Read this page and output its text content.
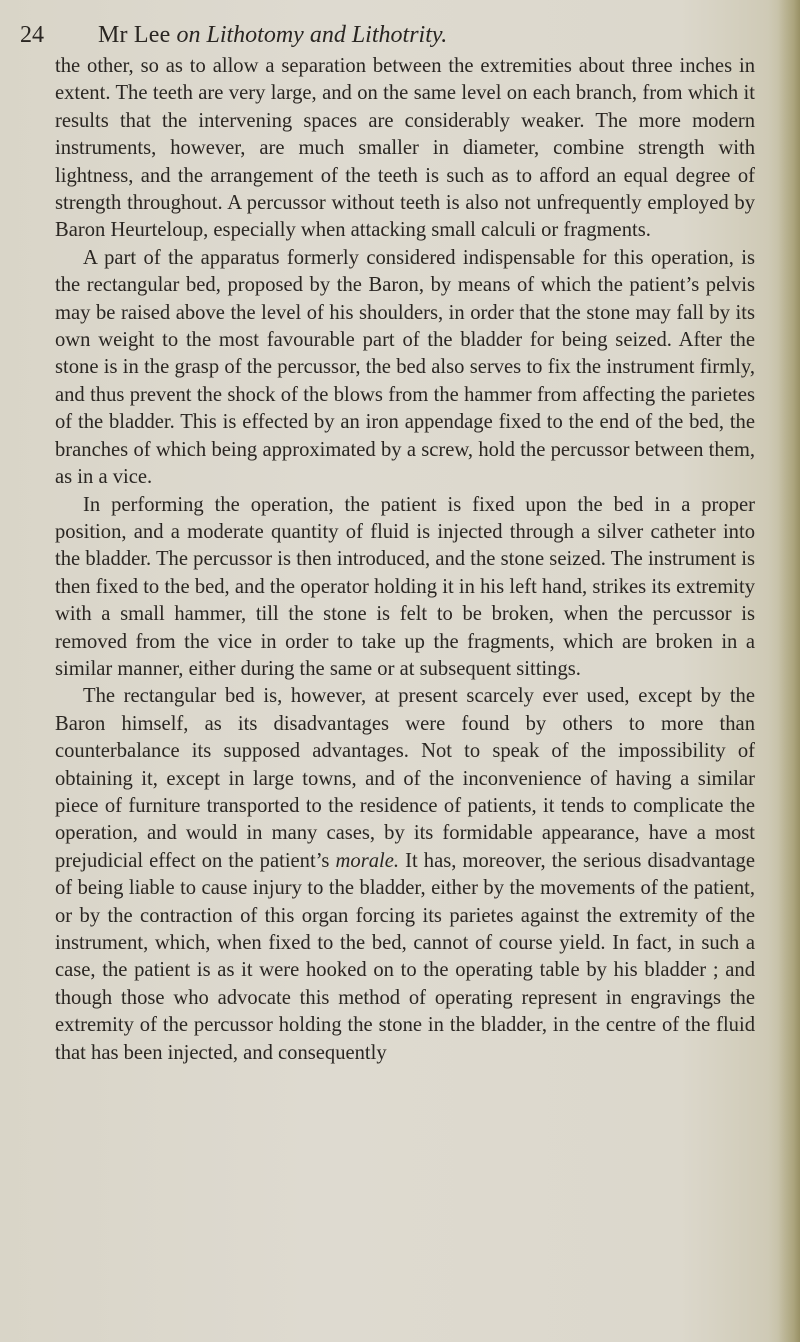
24 Mr Lee on Lithotomy and Lithotrity.

the other, so as to allow a separation between the extremities about three inches in extent. The teeth are very large, and on the same level on each branch, from which it results that the intervening spaces are considerably weaker. The more modern instruments, however, are much smaller in diameter, combine strength with lightness, and the arrangement of the teeth is such as to afford an equal degree of strength throughout. A percussor without teeth is also not unfrequently employed by Baron Heurteloup, especially when attacking small calculi or fragments.

A part of the apparatus formerly considered indispensable for this operation, is the rectangular bed, proposed by the Baron, by means of which the patient’s pelvis may be raised above the level of his shoulders, in order that the stone may fall by its own weight to the most favourable part of the bladder for being seized. After the stone is in the grasp of the percussor, the bed also serves to fix the instrument firmly, and thus prevent the shock of the blows from the hammer from affecting the parietes of the bladder. This is effected by an iron appendage fixed to the end of the bed, the branches of which being approximated by a screw, hold the percussor between them, as in a vice.

In performing the operation, the patient is fixed upon the bed in a proper position, and a moderate quantity of fluid is injected through a silver catheter into the bladder. The percussor is then introduced, and the stone seized. The instrument is then fixed to the bed, and the operator holding it in his left hand, strikes its extremity with a small hammer, till the stone is felt to be broken, when the percussor is removed from the vice in order to take up the fragments, which are broken in a similar manner, either during the same or at subsequent sittings.

The rectangular bed is, however, at present scarcely ever used, except by the Baron himself, as its disadvantages were found by others to more than counterbalance its supposed advantages. Not to speak of the impossibility of obtaining it, except in large towns, and of the inconvenience of having a similar piece of furniture transported to the residence of patients, it tends to complicate the operation, and would in many cases, by its formidable appearance, have a most prejudicial effect on the patient’s morale. It has, moreover, the serious disadvantage of being liable to cause injury to the bladder, either by the movements of the patient, or by the contraction of this organ forcing its parietes against the extremity of the instrument, which, when fixed to the bed, cannot of course yield. In fact, in such a case, the patient is as it were hooked on to the operating table by his bladder ; and though those who advocate this method of operating represent in engravings the extremity of the percussor holding the stone in the bladder, in the centre of the fluid that has been injected, and consequently
